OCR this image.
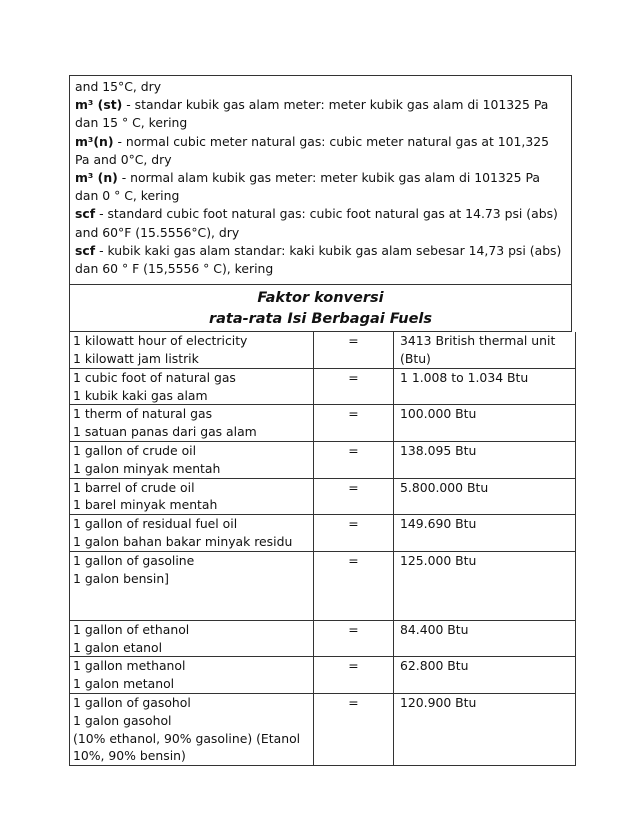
and 15°C, dry

m³ (st) - standar kubik gas alam meter: meter kubik gas alam di 101325 Pa dan 15 ° C, kering

m³(n) - normal cubic meter natural gas: cubic meter natural gas at 101,325 Pa and 0°C, dry

m³ (n) - normal alam kubik gas meter: meter kubik gas alam di 101325 Pa dan 0 ° C, kering

scf - standard cubic foot natural gas: cubic foot natural gas at 14.73 psi (abs) and 60°F (15.5556°C), dry

scf - kubik kaki gas alam standar: kaki kubik gas alam sebesar 14,73 psi (abs) dan 60 ° F (15,5556 ° C), kering

Faktor konversi
rata-rata Isi Berbagai Fuels
1 kilowatt hour of electricity
1 kilowatt jam listrik	=	3413 British thermal unit (Btu)

1 cubic foot of natural gas
1 kubik kaki gas alam	=	1 1.008 to 1.034 Btu

1 therm of natural gas
1 satuan panas dari gas alam	=	100.000 Btu

1 gallon of crude oil
1 galon minyak mentah	=	138.095 Btu

1 barrel of crude oil
1 barel minyak mentah	=	5.800.000 Btu

1 gallon of residual fuel oil
1 galon bahan bakar minyak residu	=	149.690 Btu

1 gallon of gasoline
1 galon bensin]	=	125.000 Btu

1 gallon of ethanol
1 galon etanol	=	84.400 Btu

1 gallon methanol
1 galon metanol	=	62.800 Btu

1 gallon of gasohol
1 galon gasohol
(10% ethanol, 90% gasoline) (Etanol 10%, 90% bensin)	=	120.900 Btu
